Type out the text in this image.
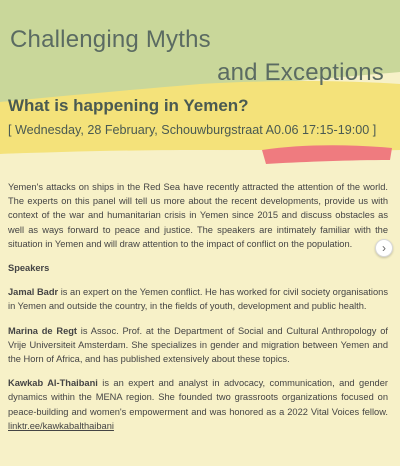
Challenging Myths
and Exceptions
What is happening in Yemen?
[ Wednesday, 28 February, Schouwburgstraat A0.06 17:15-19:00 ]

Yemen's attacks on ships in the Red Sea have recently attracted the attention of the world. The experts on this panel will tell us more about the recent developments, provide us with context of the war and humanitarian crisis in Yemen since 2015 and discuss obstacles as well as ways forward to peace and justice. The speakers are intimately familiar with the situation in Yemen and will draw attention to the impact of conflict on the population.

Speakers

Jamal Badr is an expert on the Yemen conflict. He has worked for civil society organisations in Yemen and outside the country, in the fields of youth, development and public health.

Marina de Regt is Assoc. Prof. at the Department of Social and Cultural Anthropology of Vrije Universiteit Amsterdam. She specializes in gender and migration between Yemen and the Horn of Africa, and has published extensively about these topics.

Kawkab Al-Thaibani is an expert and analyst in advocacy, communication, and gender dynamics within the MENA region. She founded two grassroots organizations focused on peace-building and women's empowerment and was honored as a 2022 Vital Voices fellow. linktr.ee/kawkabalthaibani

›
